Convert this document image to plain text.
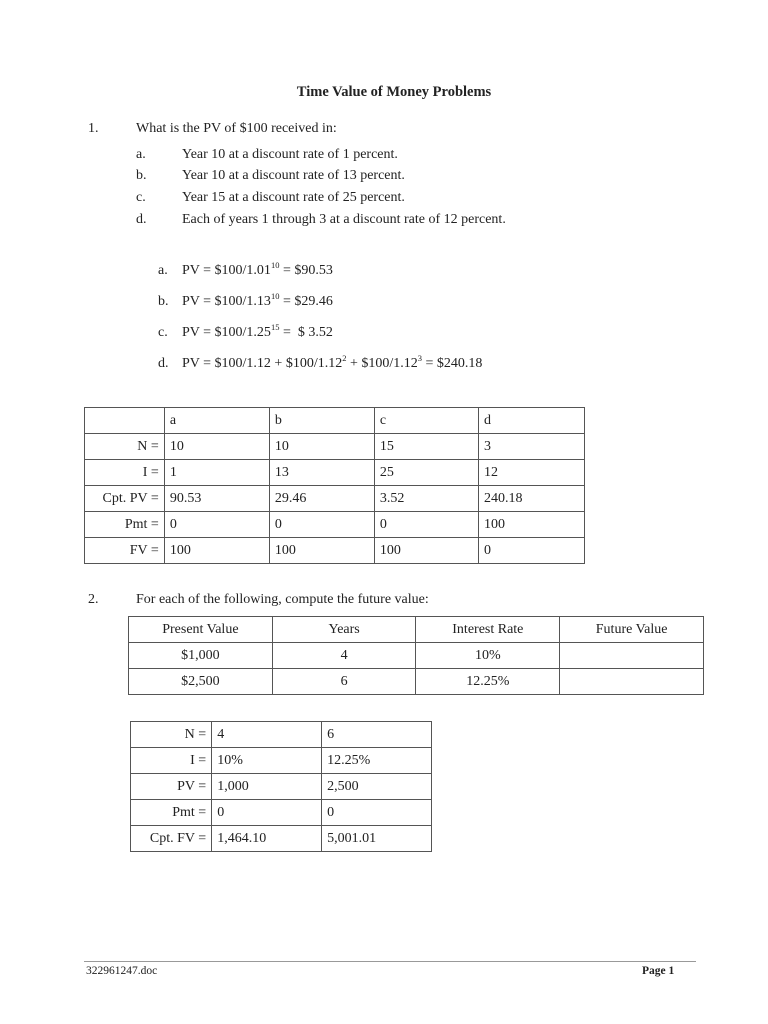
Time Value of Money Problems
1.	What is the PV of $100 received in:
a.	Year 10 at a discount rate of 1 percent.
b.	Year 10 at a discount rate of 13 percent.
c.	Year 15 at a discount rate of 25 percent.
d.	Each of years 1 through 3 at a discount rate of 12 percent.
a. PV = $\$100/1.01^{10}$ = $90.53
b. PV = $\$100/1.13^{10}$ = $29.46
c. PV = $\$100/1.25^{15}$ =  $ 3.52
d. PV = $100/1.12 + $\$100/1.12^2$ + $\$100/1.12^3$ = $240.18
	a	b	c	d
N =	10	10	15	3
I =	1	13	25	12
Cpt. PV =	90.53	29.46	3.52	240.18
Pmt =	0	0	0	100
FV =	100	100	100	0
2.	For each of the following, compute the future value:
Present Value	Years	Interest Rate	Future Value
$1,000	4	10%	
$2,500	6	12.25%	
N =	4	6
I =	10%	12.25%
PV =	1,000	2,500
Pmt =	0	0
Cpt. FV =	1,464.10	5,001.01
322961247.doc	Page 1
